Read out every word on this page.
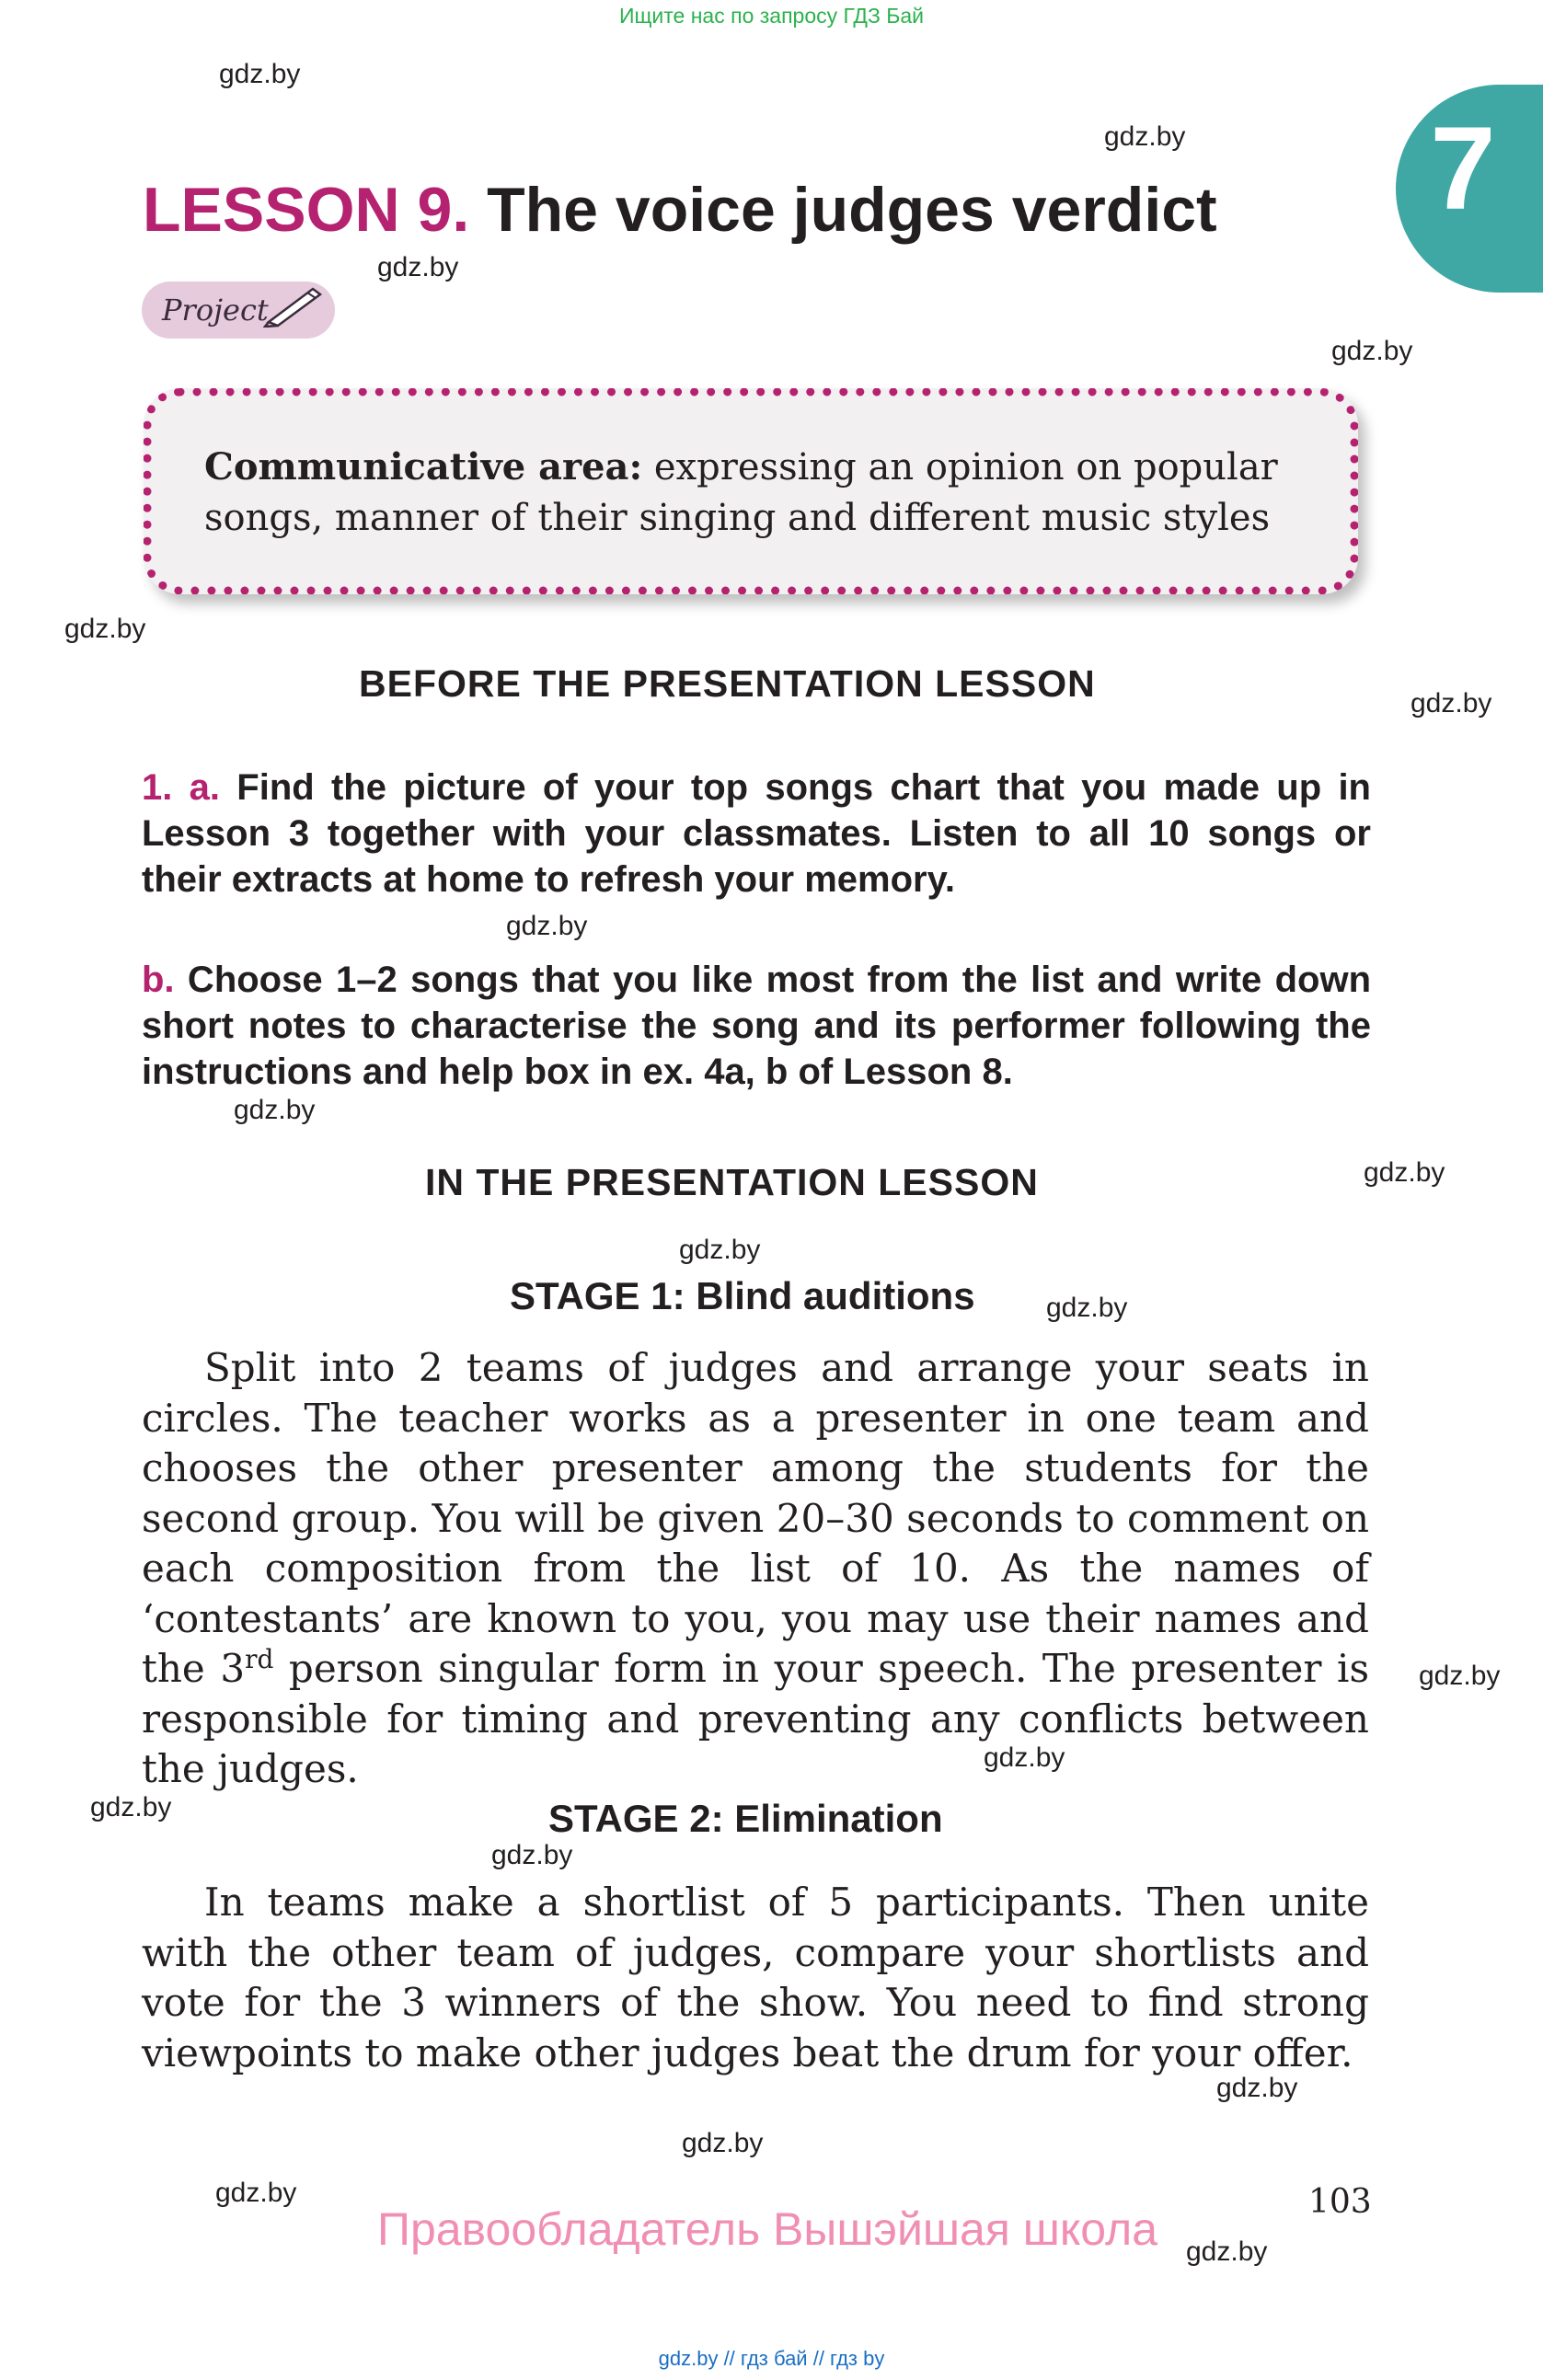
Ищите нас по запросу ГДЗ Бай
gdz.by
gdz.by
gdz.by
gdz.by
gdz.by
gdz.by
gdz.by
gdz.by
gdz.by
gdz.by
gdz.by
gdz.by
gdz.by
gdz.by
gdz.by
gdz.by
gdz.by
gdz.by
gdz.by
7
LESSON 9. The voice judges verdict
Project
Communicative area: expressing an opinion on popular songs, manner of their singing and different music styles
BEFORE THE PRESENTATION LESSON
1. a. Find the picture of your top songs chart that you made up in Lesson 3 together with your classmates. Listen to all 10 songs or their extracts at home to refresh your memory.
b. Choose 1–2 songs that you like most from the list and write down short notes to characterise the song and its performer following the instructions and help box in ex. 4a, b of Lesson 8.
IN THE PRESENTATION LESSON
STAGE 1: Blind auditions
Split into 2 teams of judges and arrange your seats in circles. The teacher works as a presenter in one team and chooses the other presenter among the students for the second group. You will be given 20–30 seconds to comment on each composition from the list of 10. As the names of ‘contestants’ are known to you, you may use their names and the 3rd person singular form in your speech. The presenter is responsible for timing and preventing any conflicts between the judges.
STAGE 2: Elimination
In teams make a shortlist of 5 participants. Then unite with the other team of judges, compare your shortlists and vote for the 3 winners of the show. You need to find strong viewpoints to make other judges beat the drum for your offer.
103
Правообладатель Вышэйшая школа
gdz.by // гдз бай // гдз by
